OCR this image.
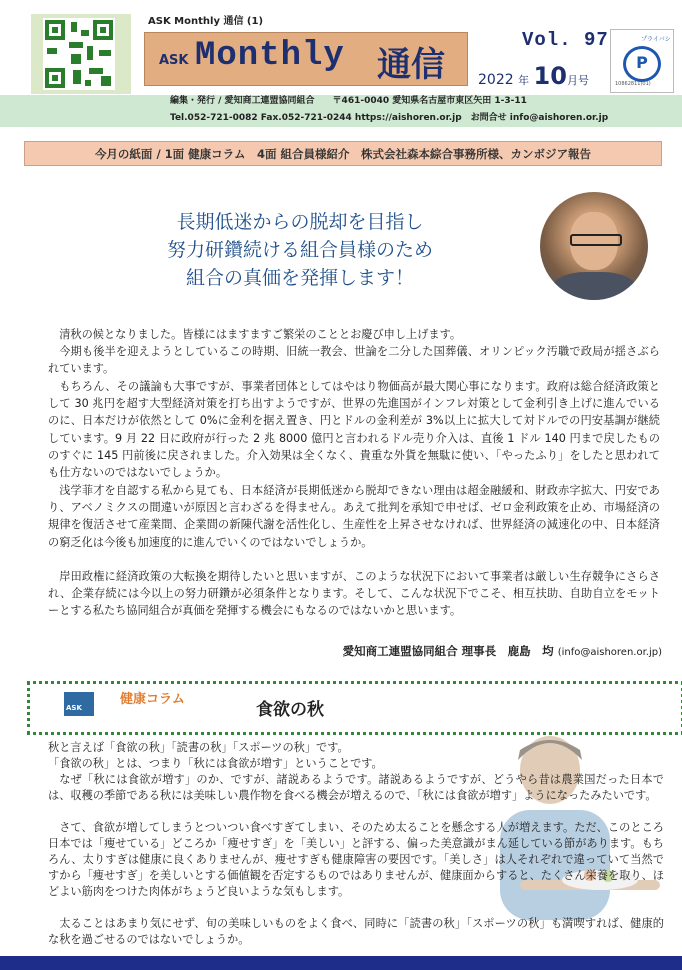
ASK Monthly 通信 (1)
ASK Monthly 通信
Vol. 97
2022 年 10月号
プライバシー
P
10862811(01)
編集・発行 / 愛知商工連盟協同組合　　〒461-0040 愛知県名古屋市東区矢田 1-3-11
Tel.052-721-0082 Fax.052-721-0244 https://aishoren.or.jp　お問合せ info@aishoren.or.jp
今月の紙面 / 1面 健康コラム　4面 組合員様紹介　株式会社森本綜合事務所様、カンボジア報告
長期低迷からの脱却を目指し
努力研鑽続ける組合員様のため
組合の真価を発揮します！
清秋の候となりました。皆様にはますますご繁栄のこととお慶び申し上げます。
今期も後半を迎えようとしているこの時期、旧統一教会、世論を二分した国葬儀、オリンピック汚職で政局が揺さぶられています。
もちろん、その議論も大事ですが、事業者団体としてはやはり物価高が最大関心事になります。政府は総合経済政策として 30 兆円を超す大型経済対策を打ち出すようですが、世界の先進国がインフレ対策として金利引き上げに進んでいるのに、日本だけが依然として 0%に金利を据え置き、円とドルの金利差が 3%以上に拡大して対ドルでの円安基調が継続しています。9 月 22 日に政府が行った 2 兆 8000 億円と言われるドル売り介入は、直後 1 ドル 140 円まで戻したもののすぐに 145 円前後に戻されました。介入効果は全くなく、貴重な外貨を無駄に使い、「やったふり」をしたと思われても仕方ないのではないでしょうか。
浅学菲才を自認する私から見ても、日本経済が長期低迷から脱却できない理由は超金融緩和、財政赤字拡大、円安であり、アベノミクスの間違いが原因と言わざるを得ません。あえて批判を承知で申せば、ゼロ金利政策を止め、市場経済の規律を復活させて産業間、企業間の新陳代謝を活性化し、生産性を上昇させなければ、世界経済の減速化の中、日本経済の窮乏化は今後も加速度的に進んでいくのではないでしょうか。
岸田政権に経済政策の大転換を期待したいと思いますが、このような状況下において事業者は厳しい生存競争にさらされ、企業存続には今以上の努力研鑽が必須条件となります。そして、こんな状況下でこそ、相互扶助、自助自立をモットーとする私たち協同組合が真価を発揮する機会にもなるのではないかと思います。
愛知商工連盟協同組合 理事長　鹿島　均 (info@aishoren.or.jp)
ASK
健康コラム
食欲の秋
秋と言えば「食欲の秋」「読書の秋」「スポーツの秋」です。
「食欲の秋」とは、つまり「秋には食欲が増す」ということです。
なぜ「秋には食欲が増す」のか、ですが、諸説あるようです。諸説あるようですが、どうやら昔は農業国だった日本では、収穫の季節である秋には美味しい農作物を食べる機会が増えるので、「秋には食欲が増す」ようになったみたいです。
さて、食欲が増してしまうとついつい食べすぎてしまい、そのため太ることを懸念する人が増えます。ただ、このところ日本では「痩せている」どころか「痩せすぎ」を「美しい」と評する、偏った美意識がまん延している節があります。もちろん、太りすぎは健康に良くありませんが、痩せすぎも健康障害の要因です。「美しさ」は人それぞれで違っていて当然ですから「痩せすぎ」を美しいとする価値観を否定するものではありませんが、健康面からすると、たくさん栄養を取り、ほどよい筋肉をつけた肉体がちょうど良いような気もします。
太ることはあまり気にせず、旬の美味しいものをよく食べ、同時に「読書の秋」「スポーツの秋」も満喫すれば、健康的な秋を過ごせるのではないでしょうか。
